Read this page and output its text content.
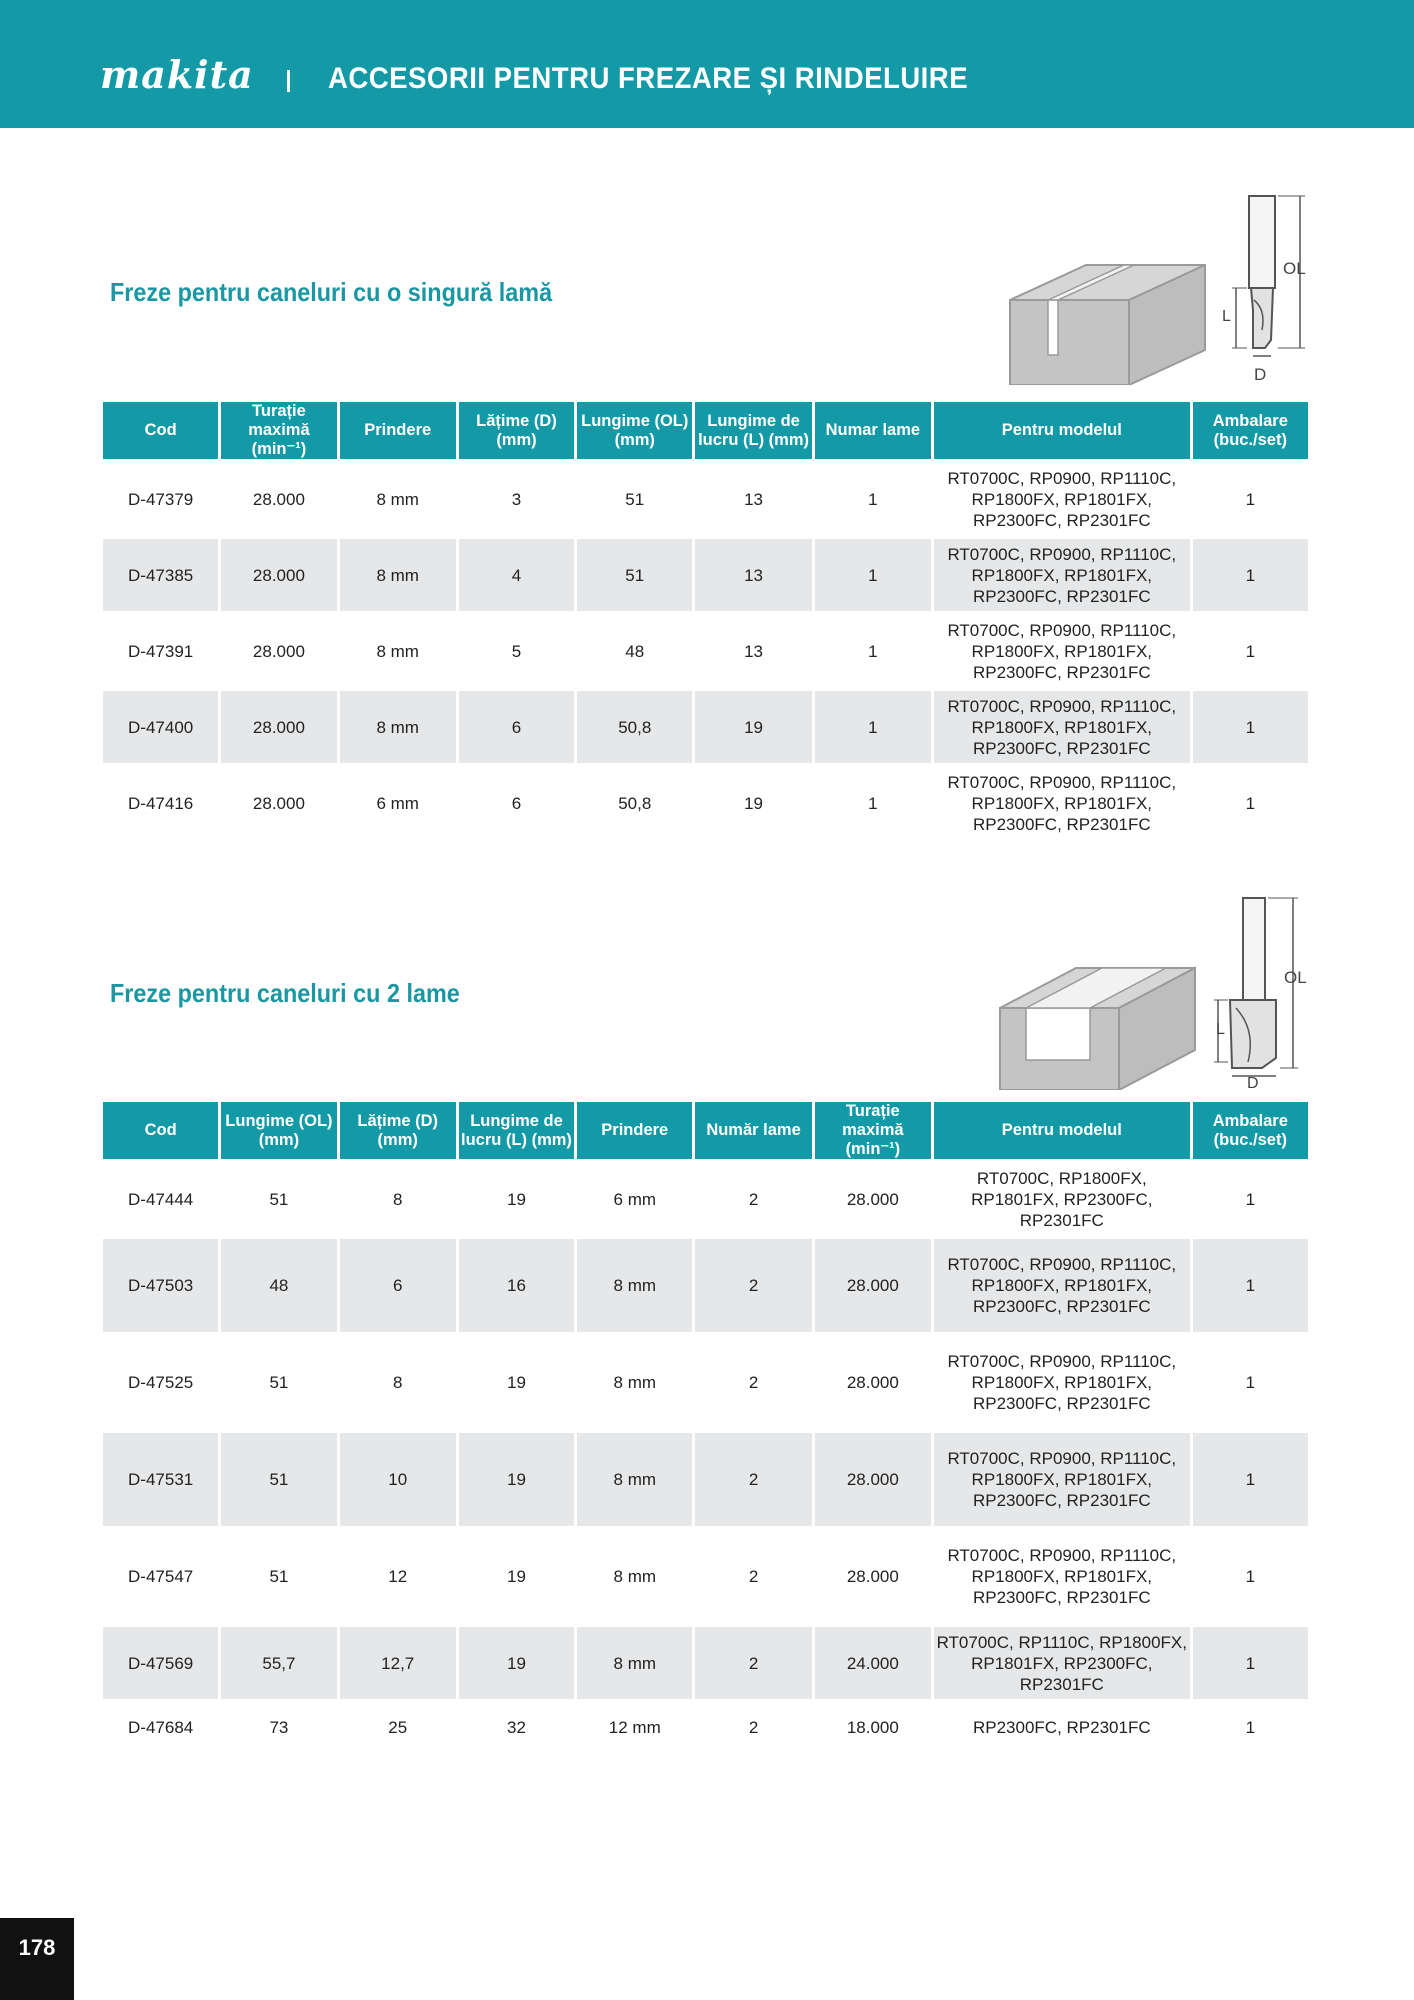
makita ACCESORII PENTRU FREZARE ȘI RINDELUIRE
Freze pentru caneluri cu o singură lamă
OL
L
D
Cod	Turație maximă (min⁻¹)	Prindere	Lățime (D) (mm)	Lungime (OL) (mm)	Lungime de lucru (L) (mm)	Numar lame	Pentru modelul	Ambalare (buc./set)
D-47379	28.000	8 mm	3	51	13	1	RT0700C, RP0900, RP1110C, RP1800FX, RP1801FX, RP2300FC, RP2301FC	1
D-47385	28.000	8 mm	4	51	13	1	RT0700C, RP0900, RP1110C, RP1800FX, RP1801FX, RP2300FC, RP2301FC	1
D-47391	28.000	8 mm	5	48	13	1	RT0700C, RP0900, RP1110C, RP1800FX, RP1801FX, RP2300FC, RP2301FC	1
D-47400	28.000	8 mm	6	50,8	19	1	RT0700C, RP0900, RP1110C, RP1800FX, RP1801FX, RP2300FC, RP2301FC	1
D-47416	28.000	6 mm	6	50,8	19	1	RT0700C, RP0900, RP1110C, RP1800FX, RP1801FX, RP2300FC, RP2301FC	1
Freze pentru caneluri cu 2 lame
OL
L
D
Cod	Lungime (OL) (mm)	Lățime (D) (mm)	Lungime de lucru (L) (mm)	Prindere	Număr lame	Turație maximă (min⁻¹)	Pentru modelul	Ambalare (buc./set)
D-47444	51	8	19	6 mm	2	28.000	RT0700C, RP1800FX, RP1801FX, RP2300FC, RP2301FC	1
D-47503	48	6	16	8 mm	2	28.000	RT0700C, RP0900, RP1110C, RP1800FX, RP1801FX, RP2300FC, RP2301FC	1
D-47525	51	8	19	8 mm	2	28.000	RT0700C, RP0900, RP1110C, RP1800FX, RP1801FX, RP2300FC, RP2301FC	1
D-47531	51	10	19	8 mm	2	28.000	RT0700C, RP0900, RP1110C, RP1800FX, RP1801FX, RP2300FC, RP2301FC	1
D-47547	51	12	19	8 mm	2	28.000	RT0700C, RP0900, RP1110C, RP1800FX, RP1801FX, RP2300FC, RP2301FC	1
D-47569	55,7	12,7	19	8 mm	2	24.000	RT0700C, RP1110C, RP1800FX, RP1801FX, RP2300FC, RP2301FC	1
D-47684	73	25	32	12 mm	2	18.000	RP2300FC, RP2301FC	1
178
